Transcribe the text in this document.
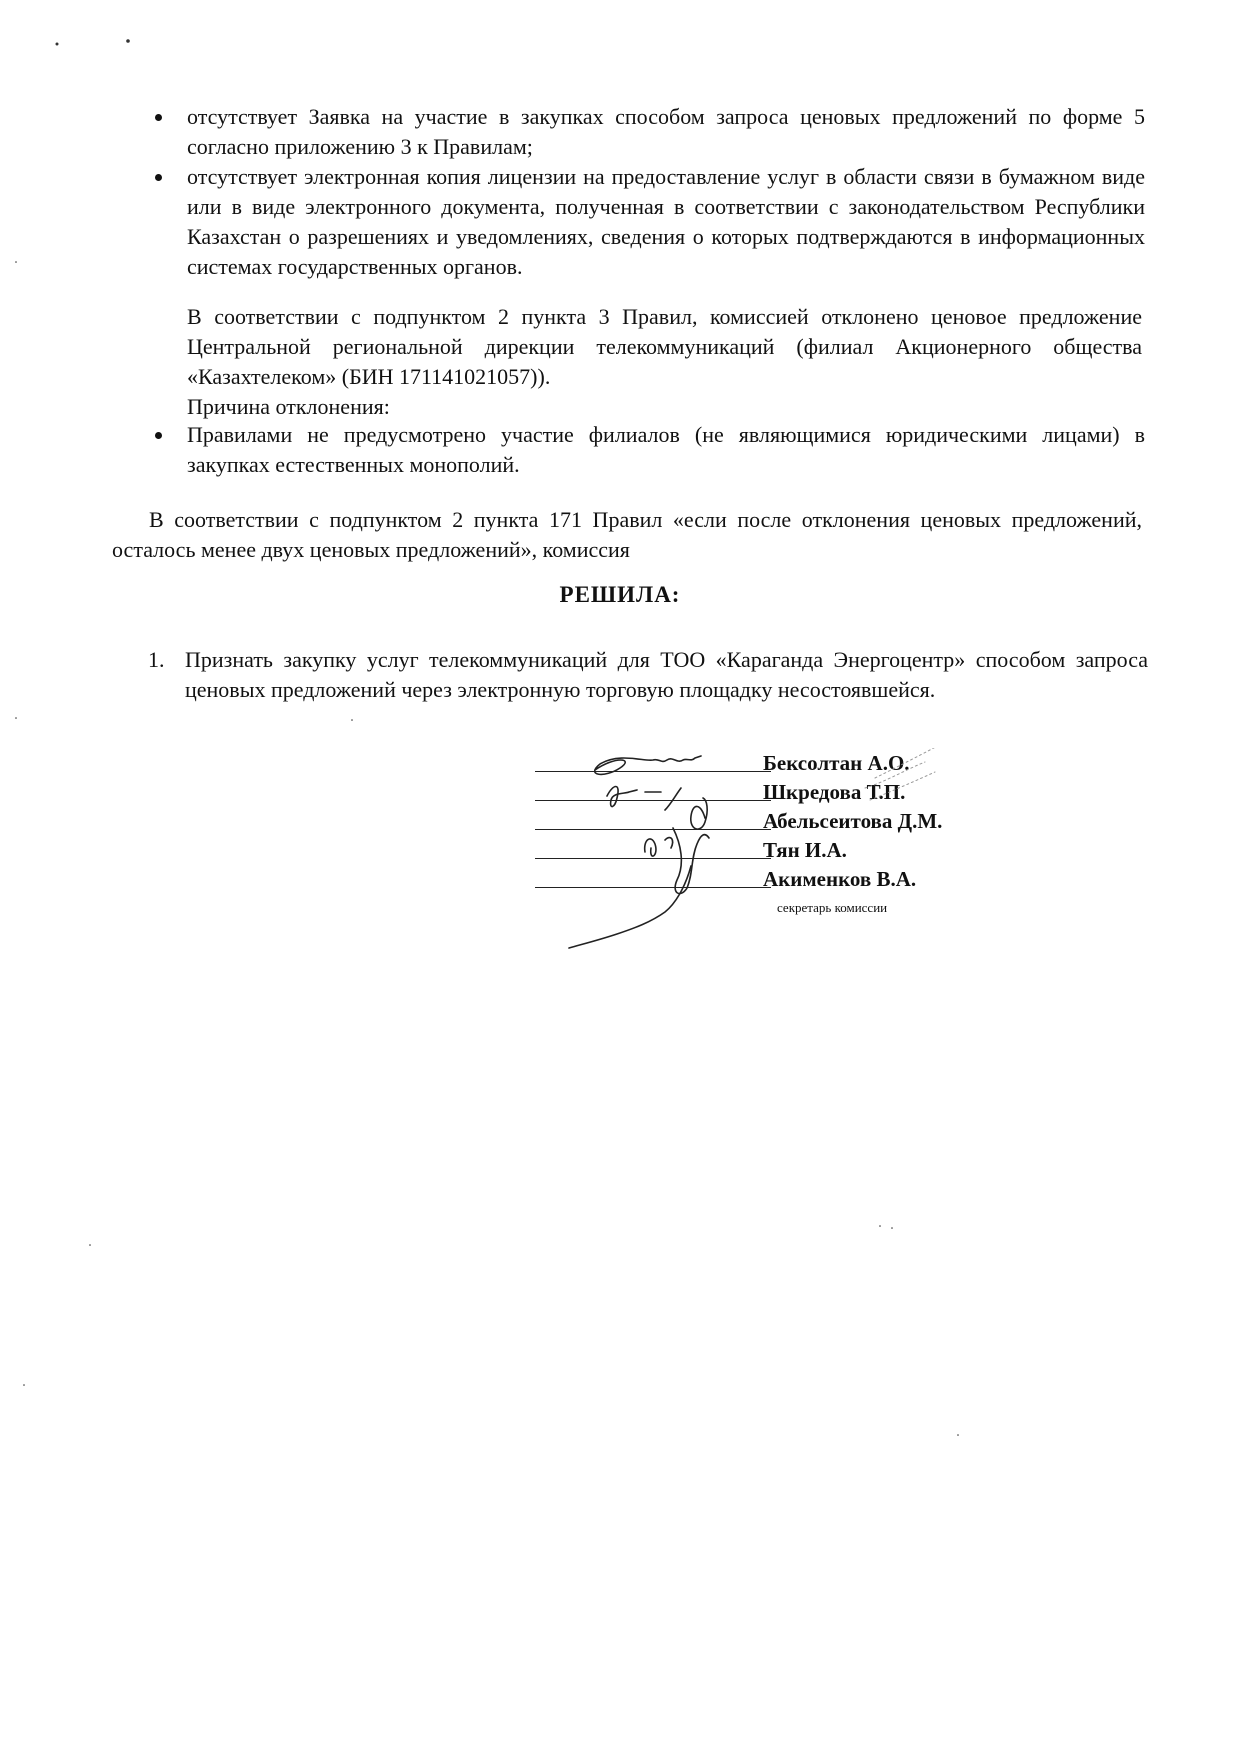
отсутствует Заявка на участие в закупках способом запроса ценовых предложений по форме 5 согласно приложению 3 к Правилам;
отсутствует электронная копия лицензии на предоставление услуг в области связи в бумажном виде или в виде электронного документа, полученная в соответствии с законодательством Республики Казахстан о разрешениях и уведомлениях, сведения о которых подтверждаются в информационных системах государственных органов.

В соответствии с подпунктом 2 пункта 3 Правил, комиссией отклонено ценовое предложение Центральной региональной дирекции телекоммуникаций (филиал Акционерного общества «Казахтелеком» (БИН 171141021057)).

Причина отклонения:

Правилами не предусмотрено участие филиалов (не являющимися юридическими лицами) в закупках естественных монополий.

В соответствии с подпунктом 2 пункта 171 Правил «если после отклонения ценовых предложений, осталось менее двух ценовых предложений», комиссия

РЕШИЛА:
1. Признать закупку услуг телекоммуникаций для ТОО «Караганда Энергоцентр» способом запроса ценовых предложений через электронную торговую площадку несостоявшейся.
Бексолтан А.О.
Шкредова Т.П.
Абельсеитова Д.М.
Тян И.А.
Акименков В.А.
секретарь комиссии
